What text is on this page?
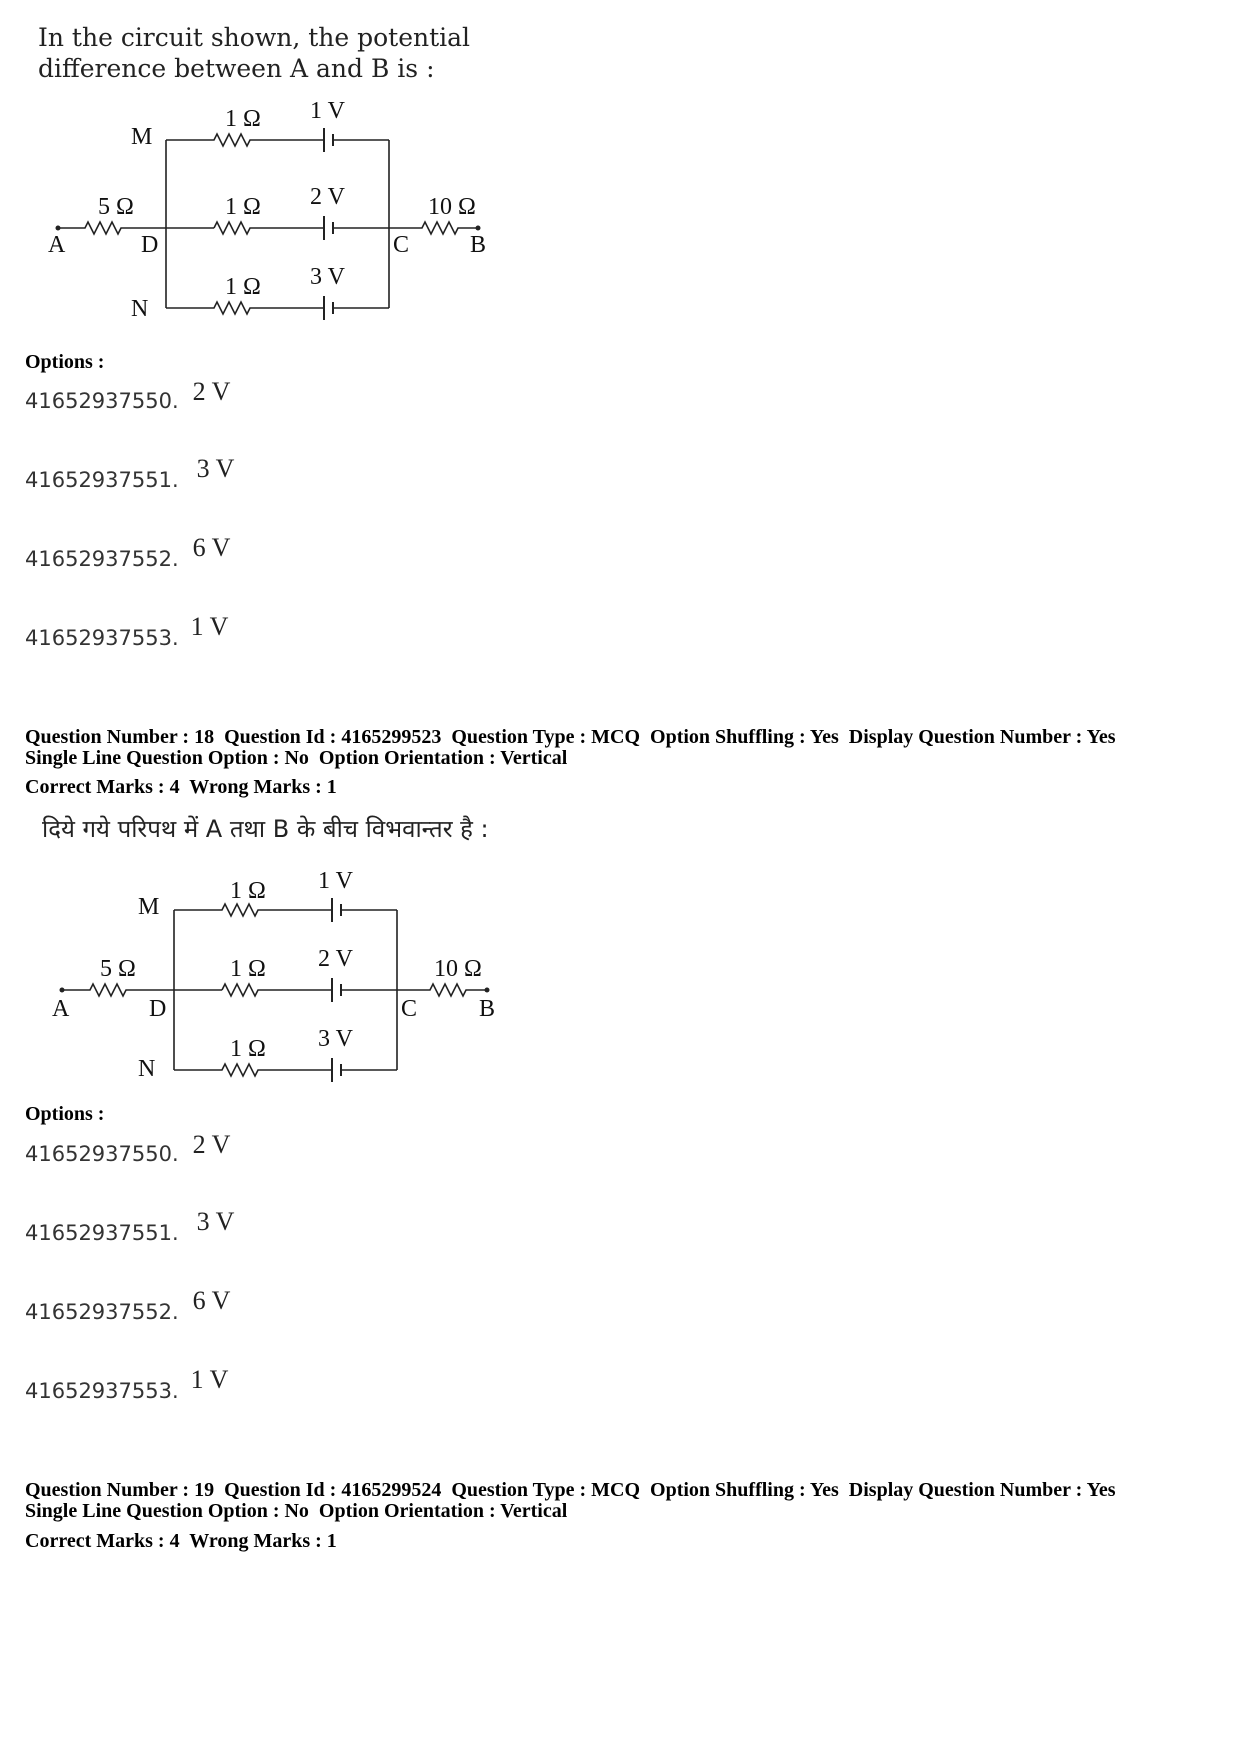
In the circuit shown, the potential
difference between A and B is :
A
M
D
N
C	B
5 Ω	10 Ω
1 Ω
1 Ω
1 Ω
1 V
2 V
3 V
Options :
41652937550. 2 V
41652937551. 3 V
41652937552. 6 V
41652937553. 1 V
Question Number : 18  Question Id : 4165299523  Question Type : MCQ  Option Shuffling : Yes  Display Question Number : Yes
Single Line Question Option : No  Option Orientation : Vertical
Correct Marks : 4  Wrong Marks : 1
दिये गये परिपथ में A तथा B के बीच विभवान्तर है :
A
M
D
N
C	B
5 Ω	10 Ω
1 Ω
1 Ω
1 Ω
1 V
2 V
3 V
Options :
41652937550. 2 V
41652937551. 3 V
41652937552. 6 V
41652937553. 1 V
Question Number : 19  Question Id : 4165299524  Question Type : MCQ  Option Shuffling : Yes  Display Question Number : Yes
Single Line Question Option : No  Option Orientation : Vertical
Correct Marks : 4  Wrong Marks : 1
